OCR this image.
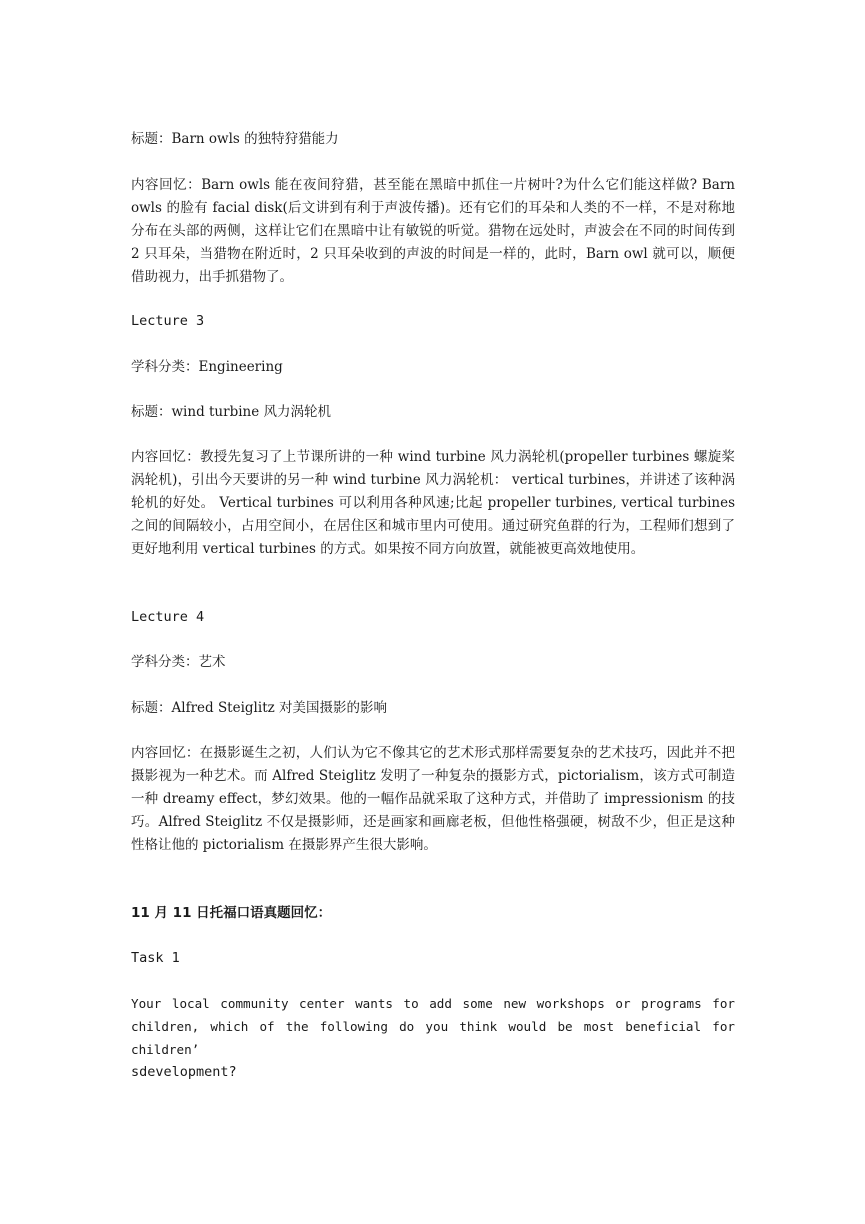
标题：Barn owls 的独特狩猎能力

内容回忆：Barn owls 能在夜间狩猎，甚至能在黑暗中抓住一片树叶?为什么它们能这样做? Barn owls 的脸有 facial disk(后文讲到有利于声波传播)。还有它们的耳朵和人类的不一样，不是对称地分布在头部的两侧，这样让它们在黑暗中让有敏锐的听觉。猎物在远处时，声波会在不同的时间传到 2 只耳朵，当猎物在附近时，2 只耳朵收到的声波的时间是一样的，此时，Barn owl 就可以，顺便借助视力，出手抓猎物了。

Lecture 3

学科分类：Engineering

标题：wind turbine 风力涡轮机

内容回忆：教授先复习了上节课所讲的一种 wind turbine 风力涡轮机(propeller turbines 螺旋桨涡轮机)，引出今天要讲的另一种 wind turbine 风力涡轮机： vertical turbines，并讲述了该种涡轮机的好处。 Vertical turbines 可以利用各种风速;比起 propeller turbines, vertical turbines 之间的间隔较小，占用空间小，在居住区和城市里内可使用。通过研究鱼群的行为，工程师们想到了更好地利用 vertical turbines 的方式。如果按不同方向放置，就能被更高效地使用。

Lecture 4

学科分类：艺术

标题：Alfred Steiglitz 对美国摄影的影响

内容回忆：在摄影诞生之初，人们认为它不像其它的艺术形式那样需要复杂的艺术技巧，因此并不把摄影视为一种艺术。而 Alfred Steiglitz 发明了一种复杂的摄影方式，pictorialism，该方式可制造一种 dreamy effect，梦幻效果。他的一幅作品就采取了这种方式，并借助了 impressionism 的技巧。Alfred Steiglitz 不仅是摄影师，还是画家和画廊老板，但他性格强硬，树敌不少，但正是这种性格让他的 pictorialism 在摄影界产生很大影响。

11 月 11 日托福口语真题回忆：

Task 1

Your local community center wants to add some new workshops or programs for children, which of the following do you think would be most beneficial for children’

sdevelopment?
